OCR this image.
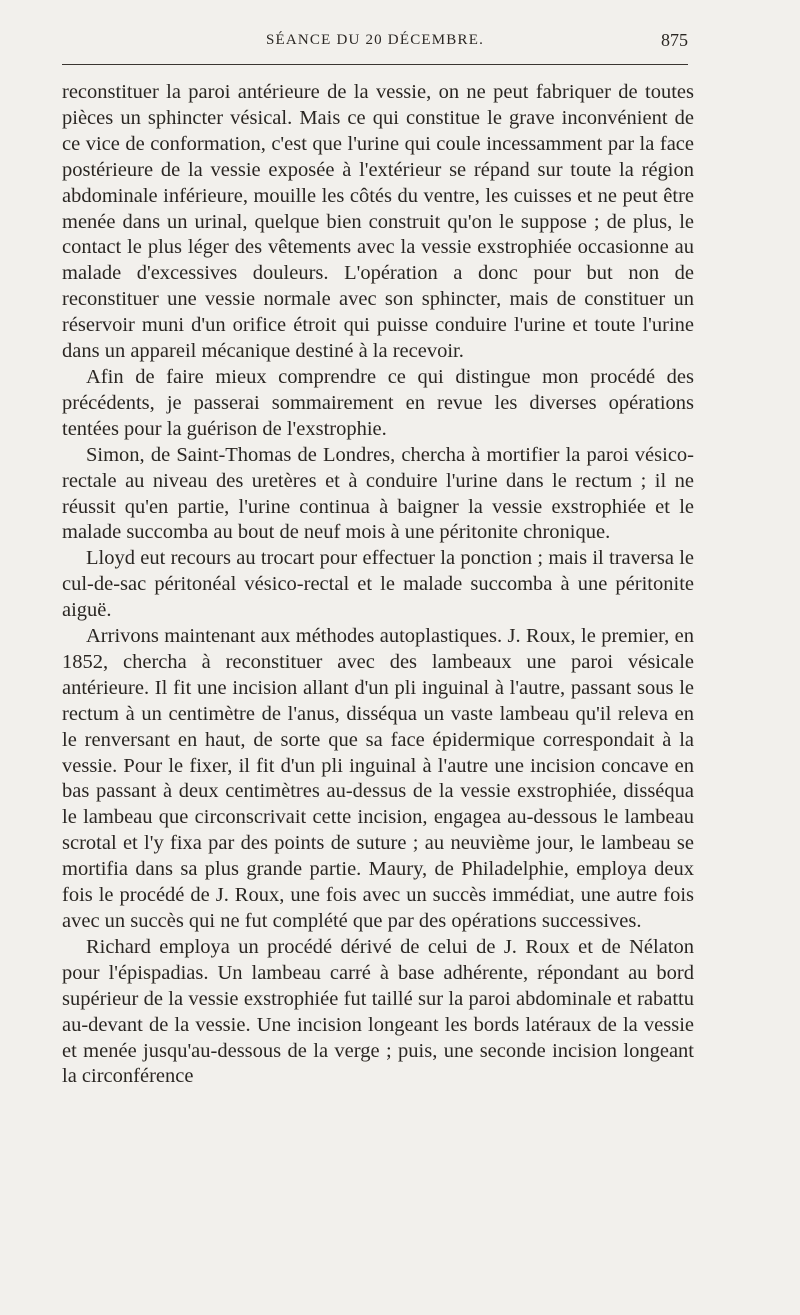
SÉANCE DU 20 DÉCEMBRE.	875

reconstituer la paroi antérieure de la vessie, on ne peut fabriquer de toutes pièces un sphincter vésical. Mais ce qui constitue le grave inconvénient de ce vice de conformation, c'est que l'urine qui coule incessamment par la face postérieure de la vessie exposée à l'extérieur se répand sur toute la région abdominale inférieure, mouille les côtés du ventre, les cuisses et ne peut être menée dans un urinal, quelque bien construit qu'on le suppose ; de plus, le contact le plus léger des vêtements avec la vessie exstrophiée occasionne au malade d'excessives douleurs. L'opération a donc pour but non de reconstituer une vessie normale avec son sphincter, mais de constituer un réservoir muni d'un orifice étroit qui puisse conduire l'urine et toute l'urine dans un appareil mécanique destiné à la recevoir.

Afin de faire mieux comprendre ce qui distingue mon procédé des précédents, je passerai sommairement en revue les diverses opérations tentées pour la guérison de l'exstrophie.

Simon, de Saint-Thomas de Londres, chercha à mortifier la paroi vésico-rectale au niveau des uretères et à conduire l'urine dans le rectum ; il ne réussit qu'en partie, l'urine continua à baigner la vessie exstrophiée et le malade succomba au bout de neuf mois à une péritonite chronique.

Lloyd eut recours au trocart pour effectuer la ponction ; mais il traversa le cul-de-sac péritonéal vésico-rectal et le malade succomba à une péritonite aiguë.

Arrivons maintenant aux méthodes autoplastiques. J. Roux, le premier, en 1852, chercha à reconstituer avec des lambeaux une paroi vésicale antérieure. Il fit une incision allant d'un pli inguinal à l'autre, passant sous le rectum à un centimètre de l'anus, disséqua un vaste lambeau qu'il releva en le renversant en haut, de sorte que sa face épidermique correspondait à la vessie. Pour le fixer, il fit d'un pli inguinal à l'autre une incision concave en bas passant à deux centimètres au-dessus de la vessie exstrophiée, disséqua le lambeau que circonscrivait cette incision, engagea au-dessous le lambeau scrotal et l'y fixa par des points de suture ; au neuvième jour, le lambeau se mortifia dans sa plus grande partie. Maury, de Philadelphie, employa deux fois le procédé de J. Roux, une fois avec un succès immédiat, une autre fois avec un succès qui ne fut complété que par des opérations successives.

Richard employa un procédé dérivé de celui de J. Roux et de Nélaton pour l'épispadias. Un lambeau carré à base adhérente, répondant au bord supérieur de la vessie exstrophiée fut taillé sur la paroi abdominale et rabattu au-devant de la vessie. Une incision longeant les bords latéraux de la vessie et menée jusqu'au-dessous de la verge ; puis, une seconde incision longeant la circonférence
